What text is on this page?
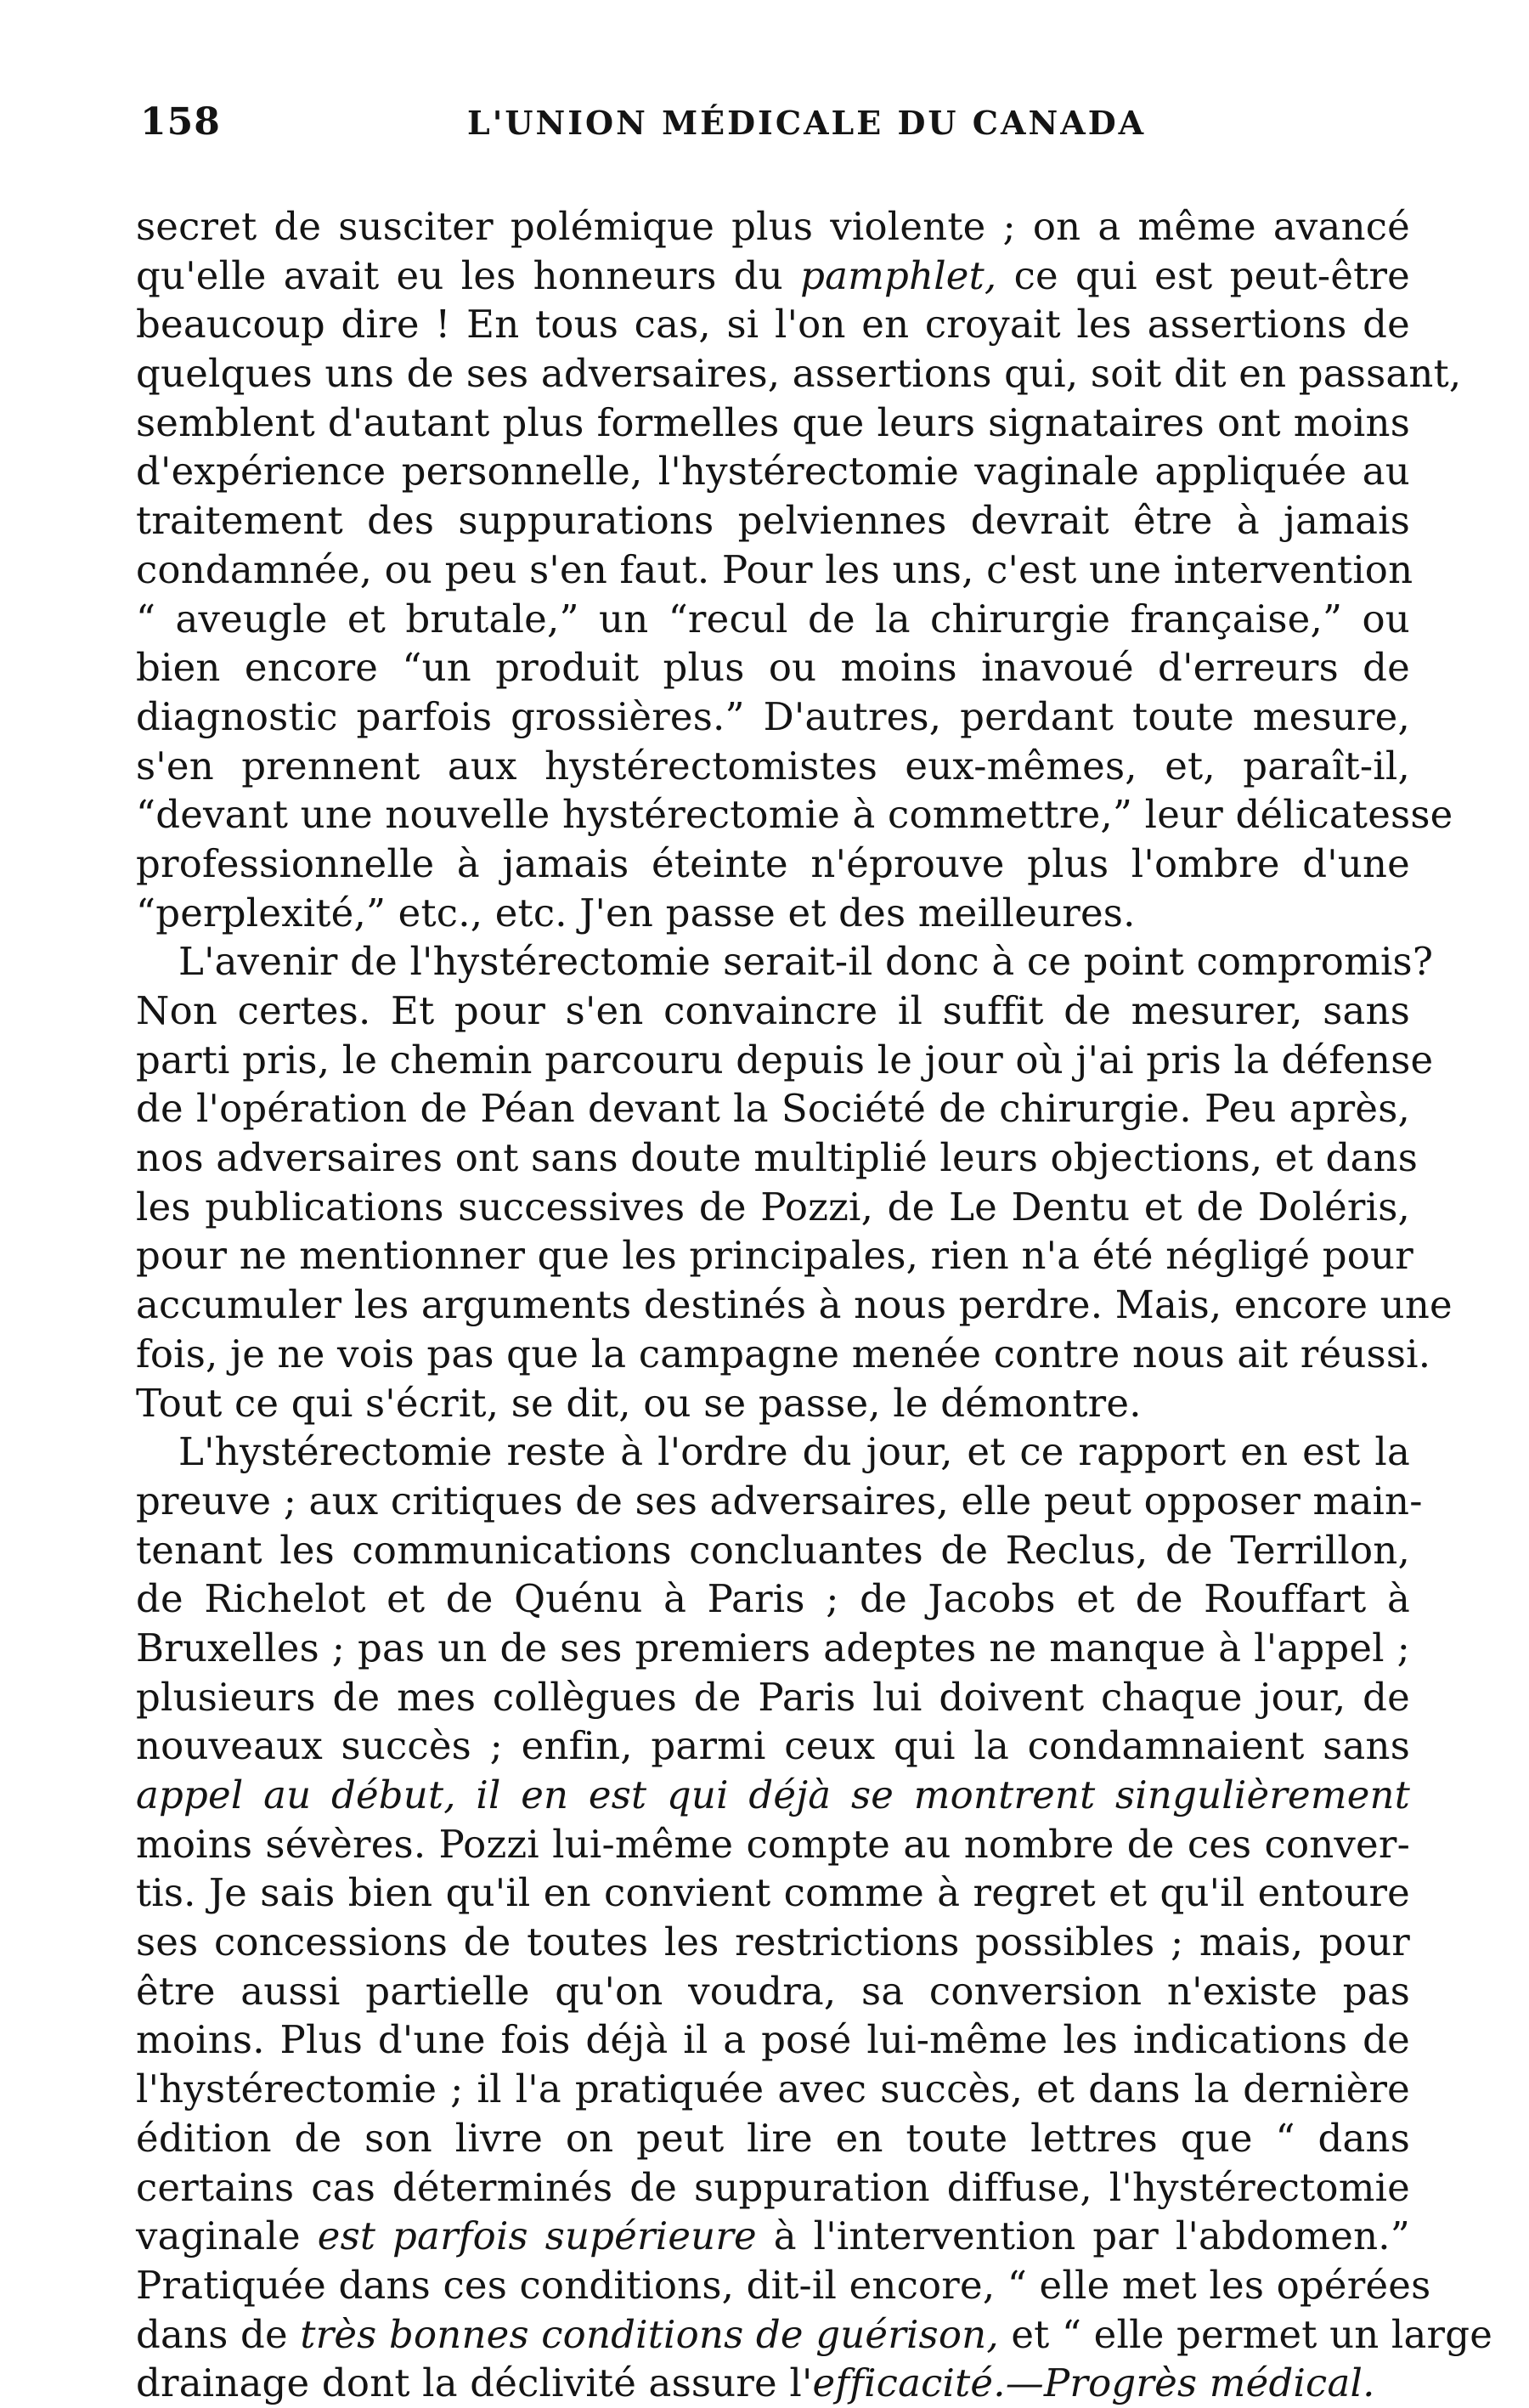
158	L'UNION MÉDICALE DU CANADA
secret de susciter polémique plus violente ; on a même avancé
qu'elle avait eu les honneurs du pamphlet, ce qui est peut-être
beaucoup dire ! En tous cas, si l'on en croyait les assertions de
quelques uns de ses adversaires, assertions qui, soit dit en passant,
semblent d'autant plus formelles que leurs signataires ont moins
d'expérience personnelle, l'hystérectomie vaginale appliquée au
traitement des suppurations pelviennes devrait être à jamais
condamnée, ou peu s'en faut. Pour les uns, c'est une intervention
“ aveugle et brutale,” un “recul de la chirurgie française,” ou
bien encore “un produit plus ou moins inavoué d'erreurs de
diagnostic parfois grossières.” D'autres, perdant toute mesure,
s'en prennent aux hystérectomistes eux-mêmes, et, paraît-il,
“devant une nouvelle hystérectomie à commettre,” leur délicatesse
professionnelle à jamais éteinte n'éprouve plus l'ombre d'une
“perplexité,” etc., etc. J'en passe et des meilleures.
L'avenir de l'hystérectomie serait-il donc à ce point compromis?
Non certes. Et pour s'en convaincre il suffit de mesurer, sans
parti pris, le chemin parcouru depuis le jour où j'ai pris la défense
de l'opération de Péan devant la Société de chirurgie. Peu après,
nos adversaires ont sans doute multiplié leurs objections, et dans
les publications successives de Pozzi, de Le Dentu et de Doléris,
pour ne mentionner que les principales, rien n'a été négligé pour
accumuler les arguments destinés à nous perdre. Mais, encore une
fois, je ne vois pas que la campagne menée contre nous ait réussi.
Tout ce qui s'écrit, se dit, ou se passe, le démontre.
L'hystérectomie reste à l'ordre du jour, et ce rapport en est la
preuve ; aux critiques de ses adversaires, elle peut opposer main-
tenant les communications concluantes de Reclus, de Terrillon,
de Richelot et de Quénu à Paris ; de Jacobs et de Rouffart à
Bruxelles ; pas un de ses premiers adeptes ne manque à l'appel ;
plusieurs de mes collègues de Paris lui doivent chaque jour, de
nouveaux succès ; enfin, parmi ceux qui la condamnaient sans
appel au début, il en est qui déjà se montrent singulièrement
moins sévères. Pozzi lui-même compte au nombre de ces conver-
tis. Je sais bien qu'il en convient comme à regret et qu'il entoure
ses concessions de toutes les restrictions possibles ; mais, pour
être aussi partielle qu'on voudra, sa conversion n'existe pas
moins. Plus d'une fois déjà il a posé lui-même les indications de
l'hystérectomie ; il l'a pratiquée avec succès, et dans la dernière
édition de son livre on peut lire en toute lettres que “ dans
certains cas déterminés de suppuration diffuse, l'hystérectomie
vaginale est parfois supérieure à l'intervention par l'abdomen.”
Pratiquée dans ces conditions, dit-il encore, “ elle met les opérées
dans de très bonnes conditions de guérison, et “ elle permet un large
drainage dont la déclivité assure l'efficacité.—Progrès médical.
